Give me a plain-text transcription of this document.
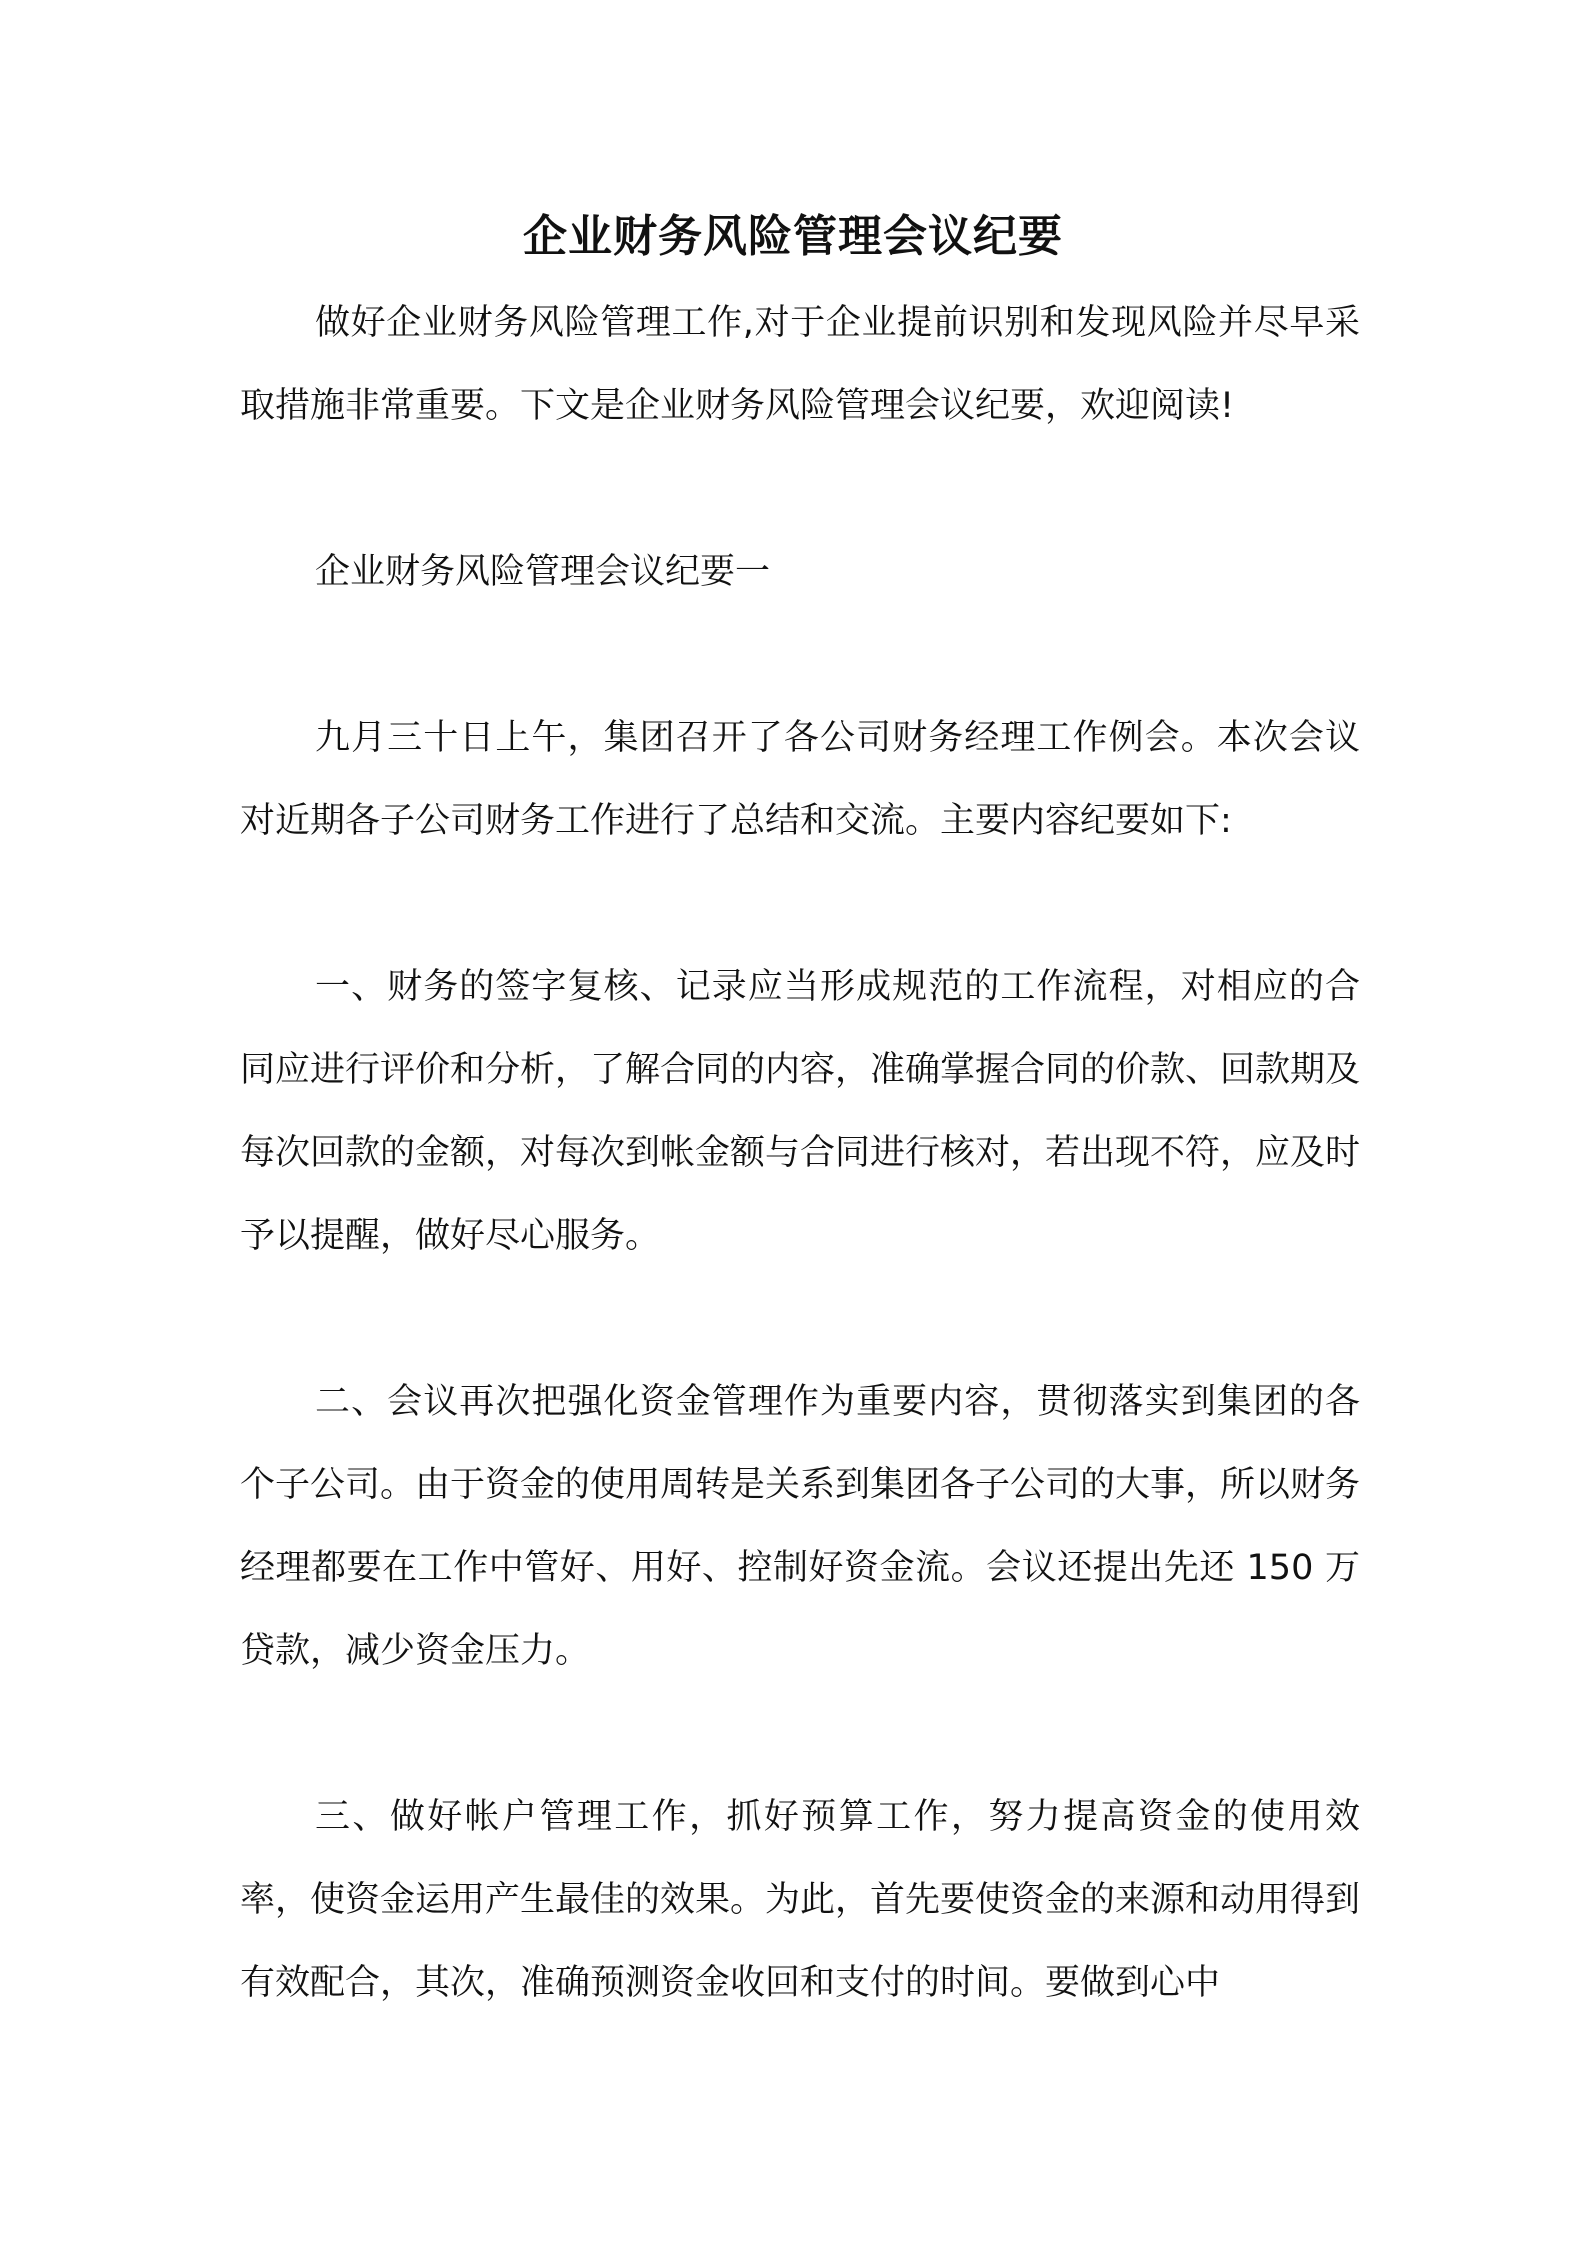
企业财务风险管理会议纪要

做好企业财务风险管理工作,对于企业提前识别和发现风险并尽早采取措施非常重要。下文是企业财务风险管理会议纪要，欢迎阅读!

企业财务风险管理会议纪要一

九月三十日上午，集团召开了各公司财务经理工作例会。本次会议对近期各子公司财务工作进行了总结和交流。主要内容纪要如下:

一、财务的签字复核、记录应当形成规范的工作流程，对相应的合同应进行评价和分析，了解合同的内容，准确掌握合同的价款、回款期及每次回款的金额，对每次到帐金额与合同进行核对，若出现不符，应及时予以提醒，做好尽心服务。

二、会议再次把强化资金管理作为重要内容，贯彻落实到集团的各个子公司。由于资金的使用周转是关系到集团各子公司的大事，所以财务经理都要在工作中管好、用好、控制好资金流。会议还提出先还 150 万贷款，减少资金压力。

三、做好帐户管理工作，抓好预算工作，努力提高资金的使用效率，使资金运用产生最佳的效果。为此，首先要使资金的来源和动用得到有效配合，其次，准确预测资金收回和支付的时间。要做到心中
